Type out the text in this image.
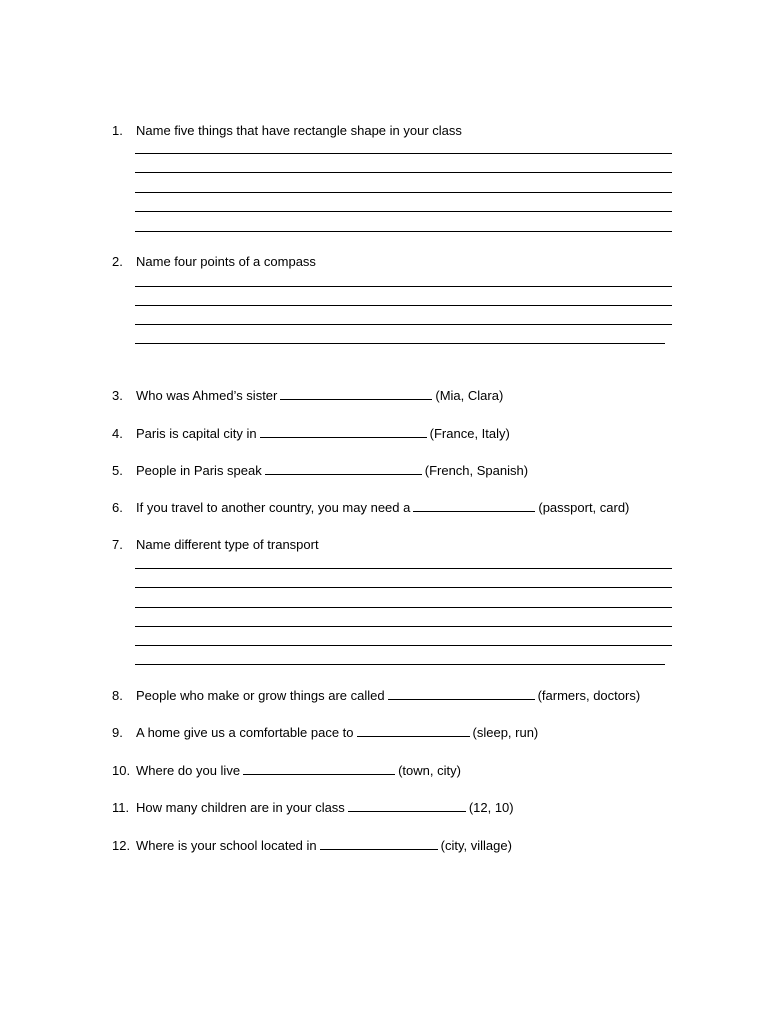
1. Name five things that have rectangle shape in your class
2. Name four points of a compass
3. Who was Ahmed’s sister	(Mia, Clara)
4. Paris is capital city in	(France, Italy)
5. People in Paris speak	(French, Spanish)
6. If you travel to another country, you may need a	(passport, card)
7. Name different type of transport
8. People who make or grow things are called	(farmers, doctors)
9. A home give us a comfortable pace to	(sleep, run)
10. Where do you live	(town, city)
11. How many children are in your class	(12, 10)
12. Where is your school located in	(city, village)
